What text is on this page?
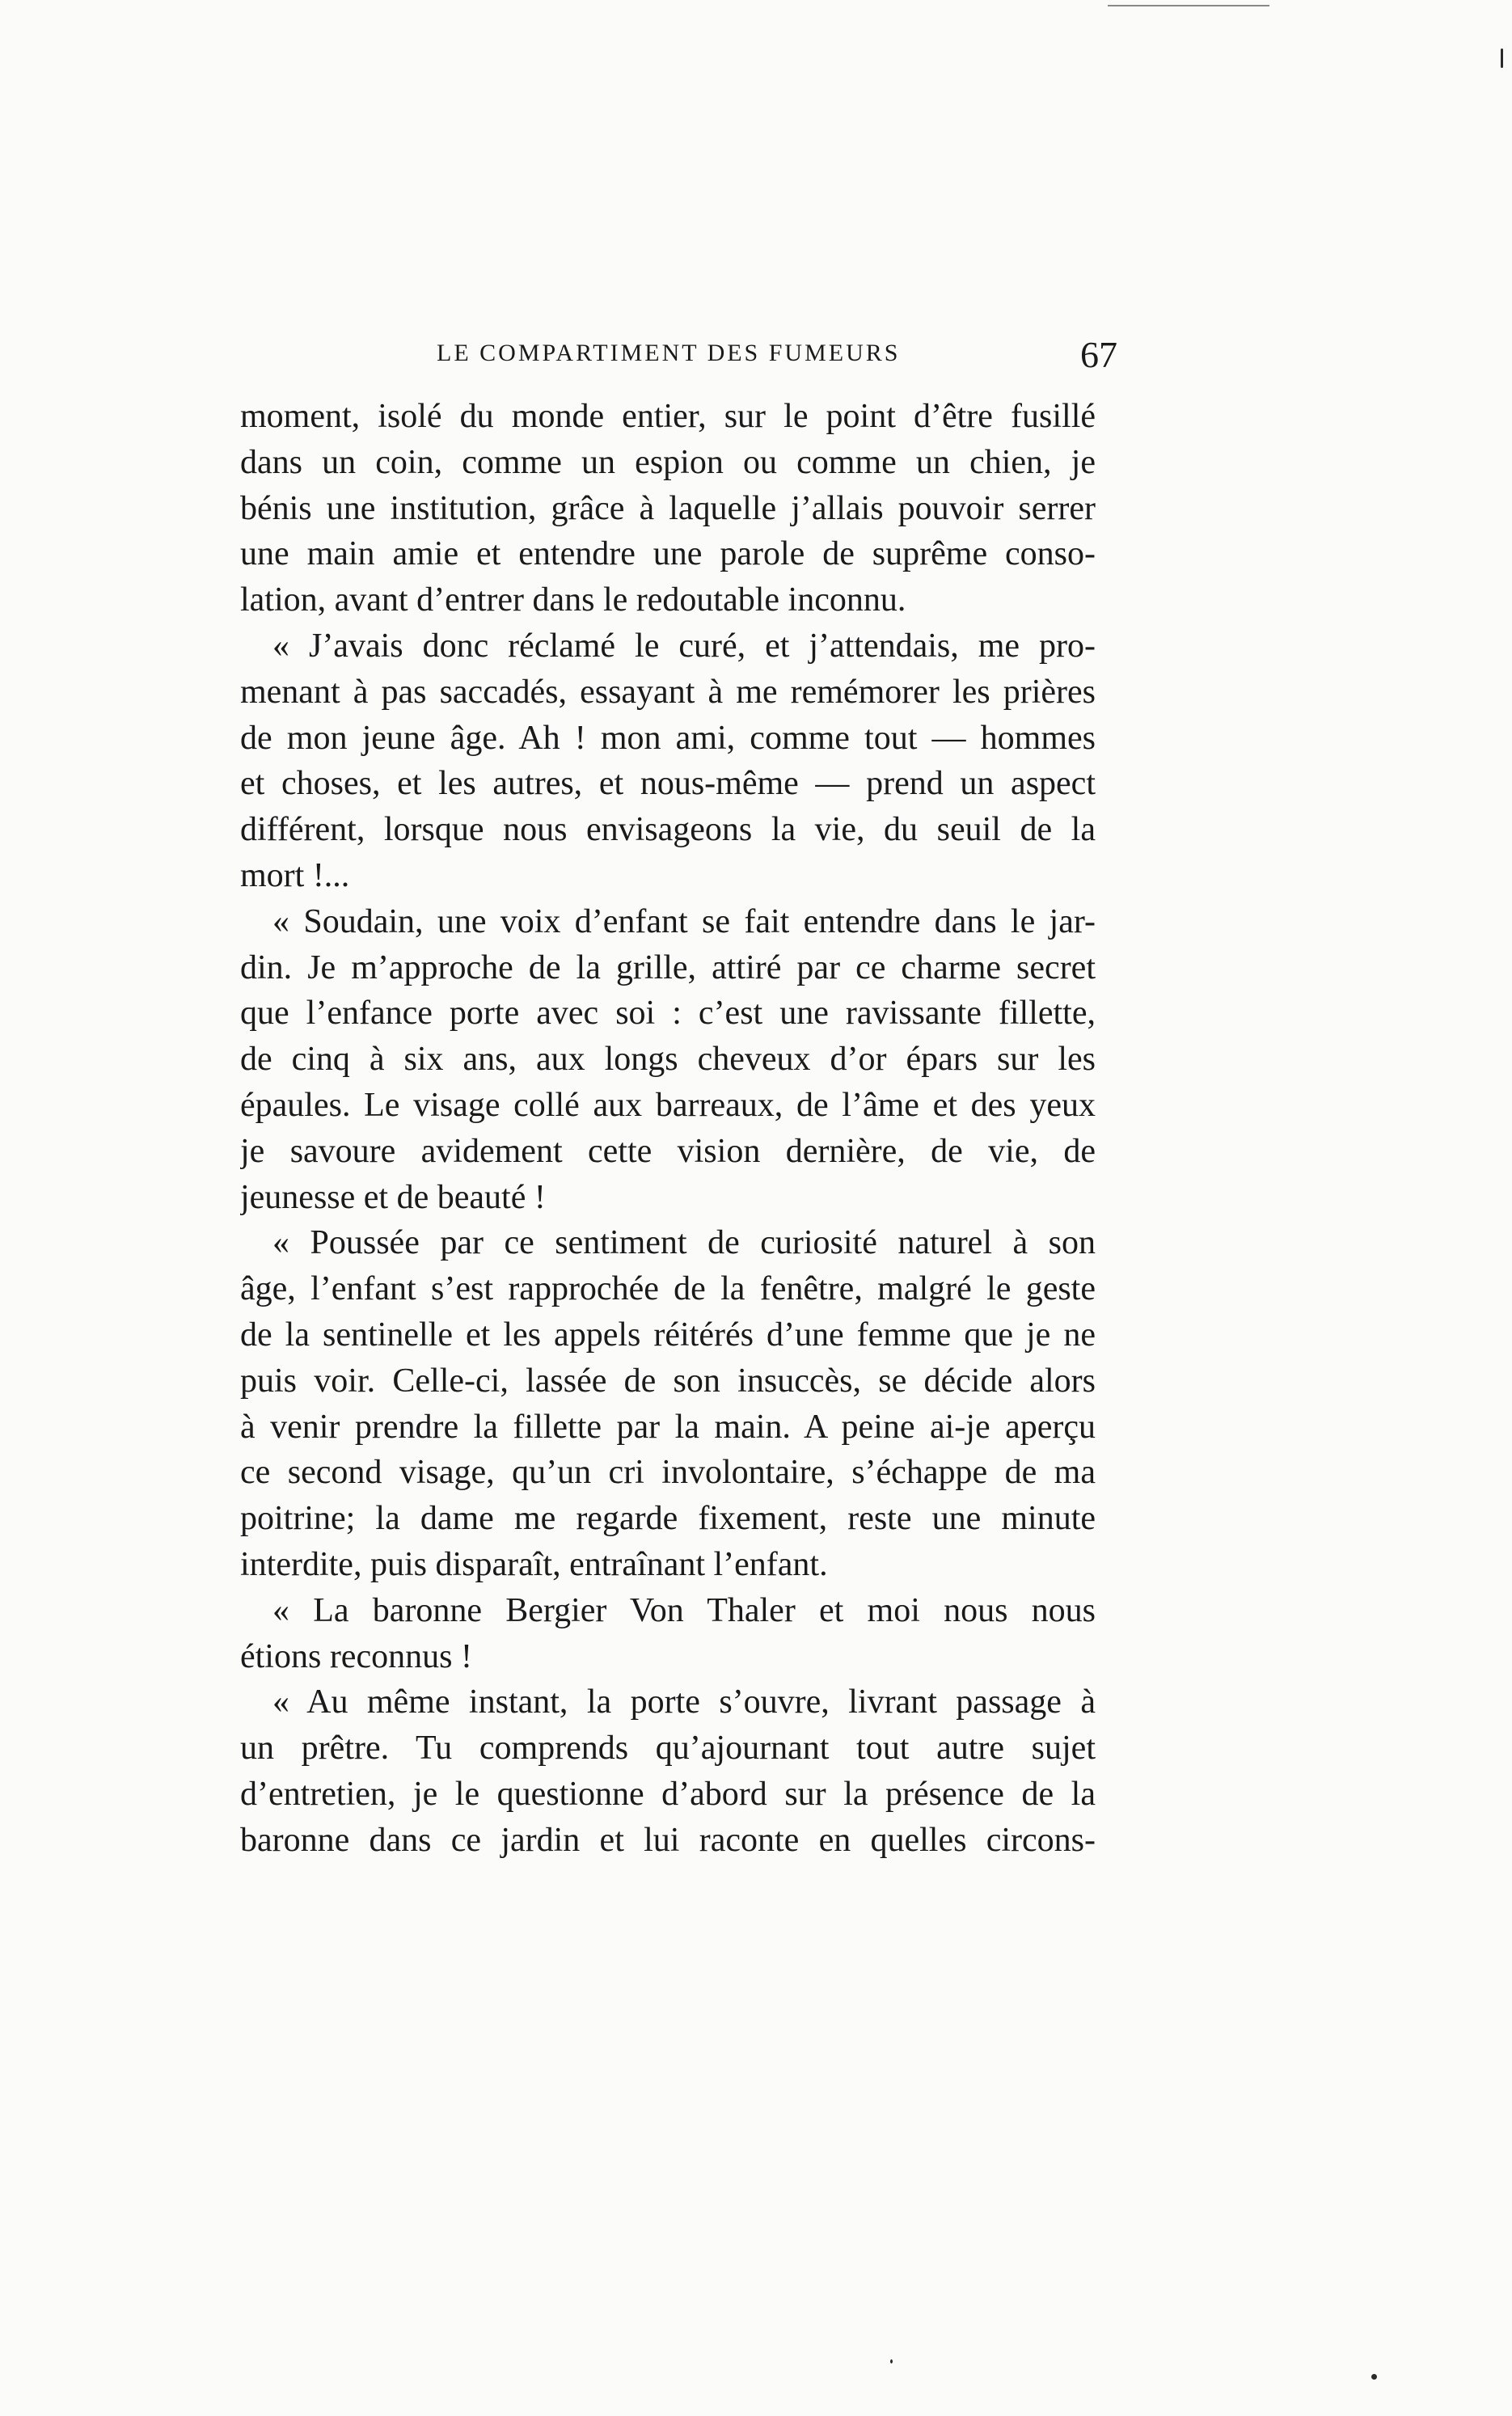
LE COMPARTIMENT DES FUMEURS	67
moment, isolé du monde entier, sur le point d’être fusillé
dans un coin, comme un espion ou comme un chien, je
bénis une institution, grâce à laquelle j’allais pouvoir serrer
une main amie et entendre une parole de suprême conso-
lation, avant d’entrer dans le redoutable inconnu.
« J’avais donc réclamé le curé, et j’attendais, me pro-
menant à pas saccadés, essayant à me remémorer les prières
de mon jeune âge. Ah ! mon ami, comme tout — hommes
et choses, et les autres, et nous-même — prend un aspect
différent, lorsque nous envisageons la vie, du seuil de la
mort !...
« Soudain, une voix d’enfant se fait entendre dans le jar-
din. Je m’approche de la grille, attiré par ce charme secret
que l’enfance porte avec soi : c’est une ravissante fillette,
de cinq à six ans, aux longs cheveux d’or épars sur les
épaules. Le visage collé aux barreaux, de l’âme et des yeux
je savoure avidement cette vision dernière, de vie, de
jeunesse et de beauté !
« Poussée par ce sentiment de curiosité naturel à son
âge, l’enfant s’est rapprochée de la fenêtre, malgré le geste
de la sentinelle et les appels réitérés d’une femme que je ne
puis voir. Celle-ci, lassée de son insuccès, se décide alors
à venir prendre la fillette par la main. A peine ai-je aperçu
ce second visage, qu’un cri involontaire, s’échappe de ma
poitrine; la dame me regarde fixement, reste une minute
interdite, puis disparaît, entraînant l’enfant.
« La baronne Bergier Von Thaler et moi nous nous
étions reconnus !
« Au même instant, la porte s’ouvre, livrant passage à
un prêtre. Tu comprends qu’ajournant tout autre sujet
d’entretien, je le questionne d’abord sur la présence de la
baronne dans ce jardin et lui raconte en quelles circons-
